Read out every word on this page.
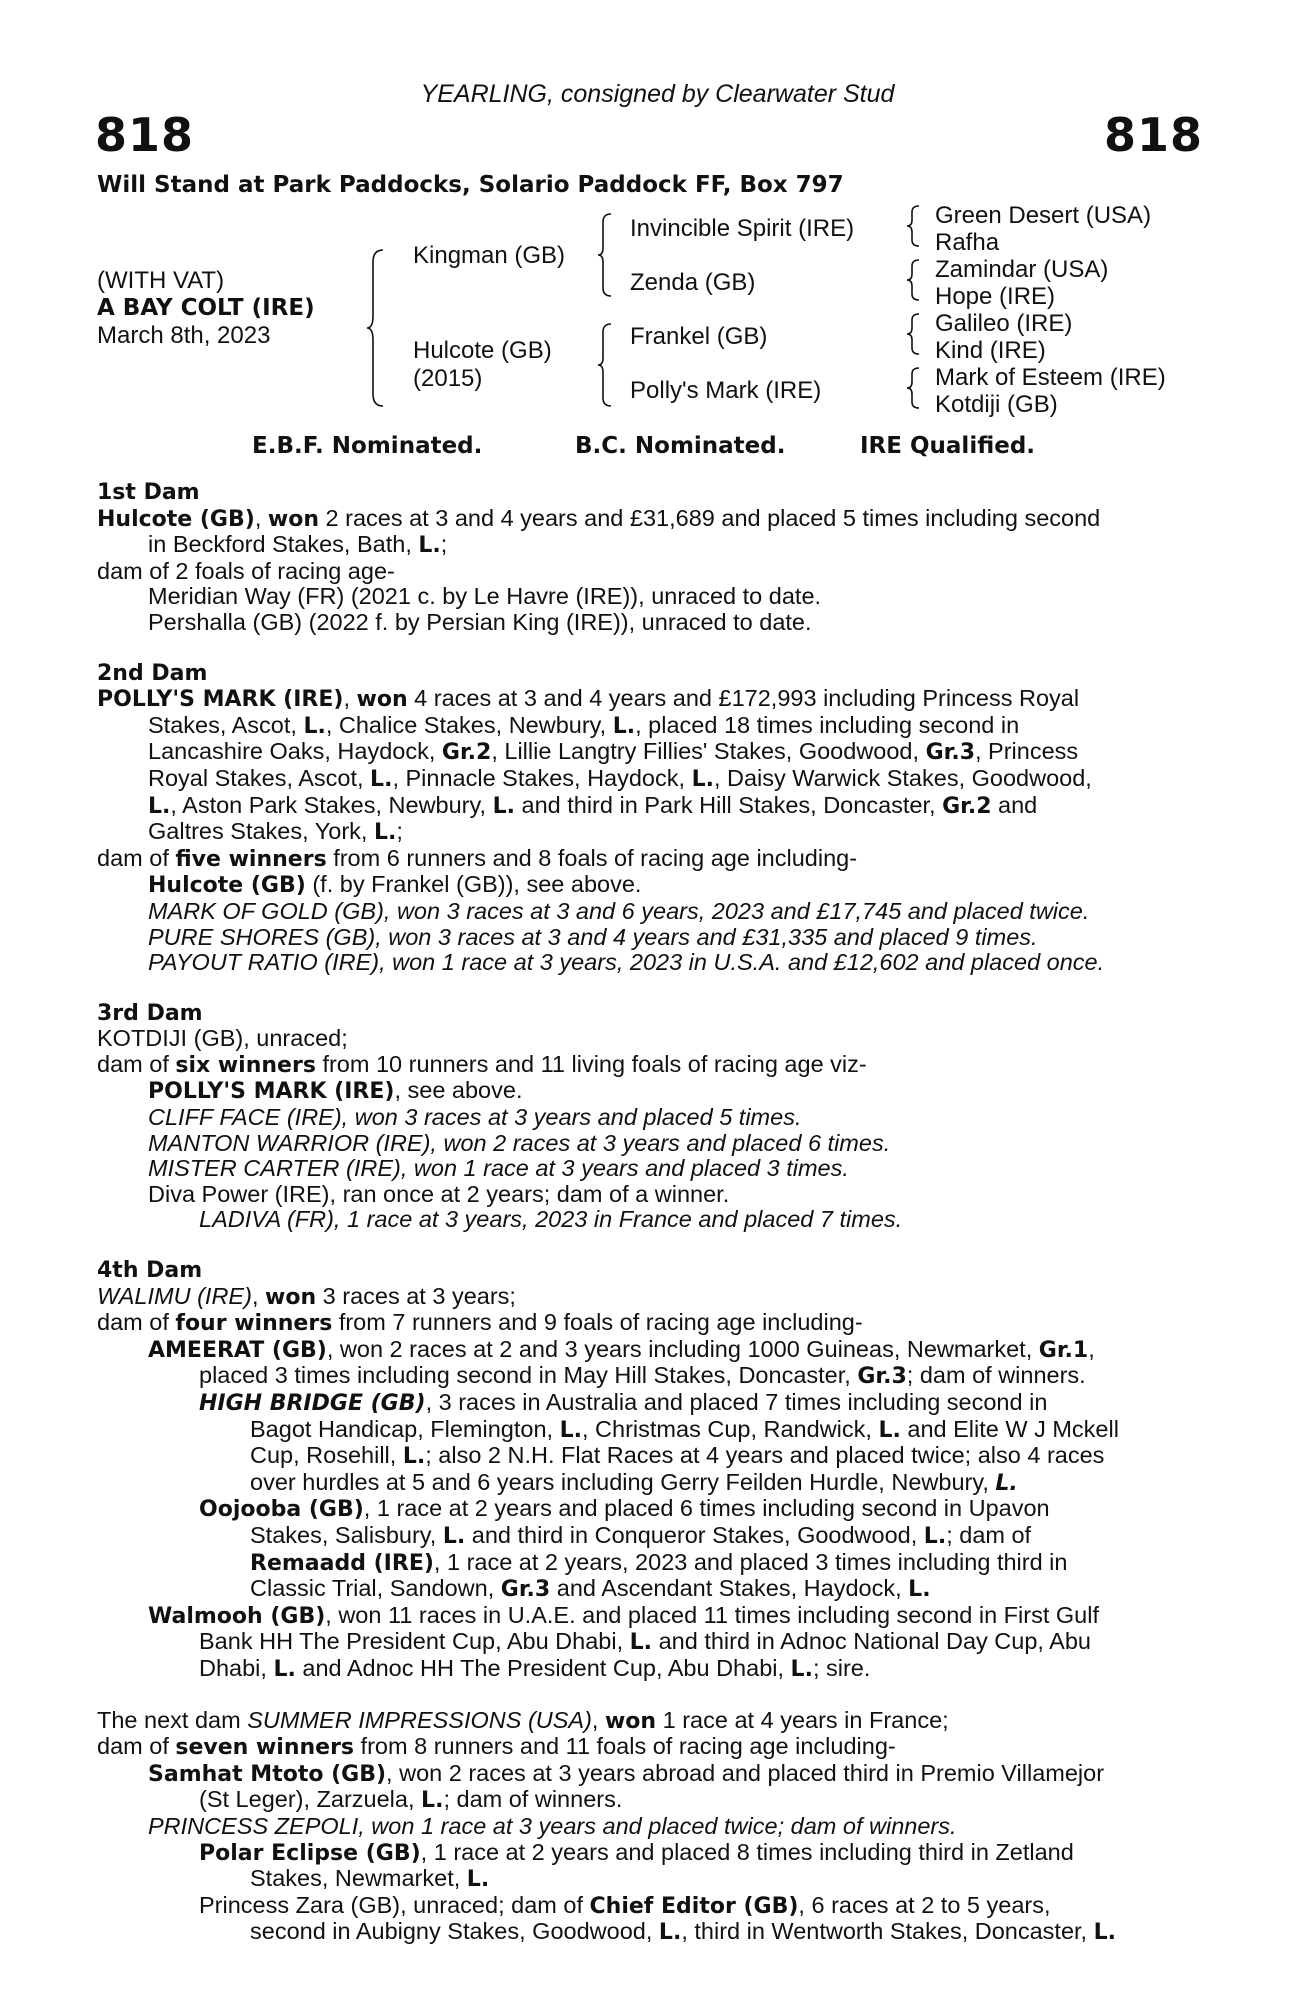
YEARLING, consigned by Clearwater Stud
818	818
Will Stand at Park Paddocks, Solario Paddock FF, Box 797
(WITH VAT)
A BAY COLT (IRE)
March 8th, 2023
Kingman (GB)
Hulcote (GB)
(2015)
Invincible Spirit (IRE)
Zenda (GB)
Frankel (GB)
Polly's Mark (IRE)
Green Desert (USA)
Rafha
Zamindar (USA)
Hope (IRE)
Galileo (IRE)
Kind (IRE)
Mark of Esteem (IRE)
Kotdiji (GB)
E.B.F. Nominated.	B.C. Nominated.	IRE Qualified.
1st Dam
Hulcote (GB), won 2 races at 3 and 4 years and £31,689 and placed 5 times including second
in Beckford Stakes, Bath, L.;
dam of 2 foals of racing age-
Meridian Way (FR) (2021 c. by Le Havre (IRE)), unraced to date.
Pershalla (GB) (2022 f. by Persian King (IRE)), unraced to date.
2nd Dam
POLLY'S MARK (IRE), won 4 races at 3 and 4 years and £172,993 including Princess Royal
Stakes, Ascot, L., Chalice Stakes, Newbury, L., placed 18 times including second in
Lancashire Oaks, Haydock, Gr.2, Lillie Langtry Fillies' Stakes, Goodwood, Gr.3, Princess
Royal Stakes, Ascot, L., Pinnacle Stakes, Haydock, L., Daisy Warwick Stakes, Goodwood,
L., Aston Park Stakes, Newbury, L. and third in Park Hill Stakes, Doncaster, Gr.2 and
Galtres Stakes, York, L.;
dam of five winners from 6 runners and 8 foals of racing age including-
Hulcote (GB) (f. by Frankel (GB)), see above.
MARK OF GOLD (GB), won 3 races at 3 and 6 years, 2023 and £17,745 and placed twice.
PURE SHORES (GB), won 3 races at 3 and 4 years and £31,335 and placed 9 times.
PAYOUT RATIO (IRE), won 1 race at 3 years, 2023 in U.S.A. and £12,602 and placed once.
3rd Dam
KOTDIJI (GB), unraced;
dam of six winners from 10 runners and 11 living foals of racing age viz-
POLLY'S MARK (IRE), see above.
CLIFF FACE (IRE), won 3 races at 3 years and placed 5 times.
MANTON WARRIOR (IRE), won 2 races at 3 years and placed 6 times.
MISTER CARTER (IRE), won 1 race at 3 years and placed 3 times.
Diva Power (IRE), ran once at 2 years; dam of a winner.
LADIVA (FR), 1 race at 3 years, 2023 in France and placed 7 times.
4th Dam
WALIMU (IRE), won 3 races at 3 years;
dam of four winners from 7 runners and 9 foals of racing age including-
AMEERAT (GB), won 2 races at 2 and 3 years including 1000 Guineas, Newmarket, Gr.1,
placed 3 times including second in May Hill Stakes, Doncaster, Gr.3; dam of winners.
HIGH BRIDGE (GB), 3 races in Australia and placed 7 times including second in
Bagot Handicap, Flemington, L., Christmas Cup, Randwick, L. and Elite W J Mckell
Cup, Rosehill, L.; also 2 N.H. Flat Races at 4 years and placed twice; also 4 races
over hurdles at 5 and 6 years including Gerry Feilden Hurdle, Newbury, L.
Oojooba (GB), 1 race at 2 years and placed 6 times including second in Upavon
Stakes, Salisbury, L. and third in Conqueror Stakes, Goodwood, L.; dam of
Remaadd (IRE), 1 race at 2 years, 2023 and placed 3 times including third in
Classic Trial, Sandown, Gr.3 and Ascendant Stakes, Haydock, L.
Walmooh (GB), won 11 races in U.A.E. and placed 11 times including second in First Gulf
Bank HH The President Cup, Abu Dhabi, L. and third in Adnoc National Day Cup, Abu
Dhabi, L. and Adnoc HH The President Cup, Abu Dhabi, L.; sire.
The next dam SUMMER IMPRESSIONS (USA), won 1 race at 4 years in France;
dam of seven winners from 8 runners and 11 foals of racing age including-
Samhat Mtoto (GB), won 2 races at 3 years abroad and placed third in Premio Villamejor
(St Leger), Zarzuela, L.; dam of winners.
PRINCESS ZEPOLI, won 1 race at 3 years and placed twice; dam of winners.
Polar Eclipse (GB), 1 race at 2 years and placed 8 times including third in Zetland
Stakes, Newmarket, L.
Princess Zara (GB), unraced; dam of Chief Editor (GB), 6 races at 2 to 5 years,
second in Aubigny Stakes, Goodwood, L., third in Wentworth Stakes, Doncaster, L.
